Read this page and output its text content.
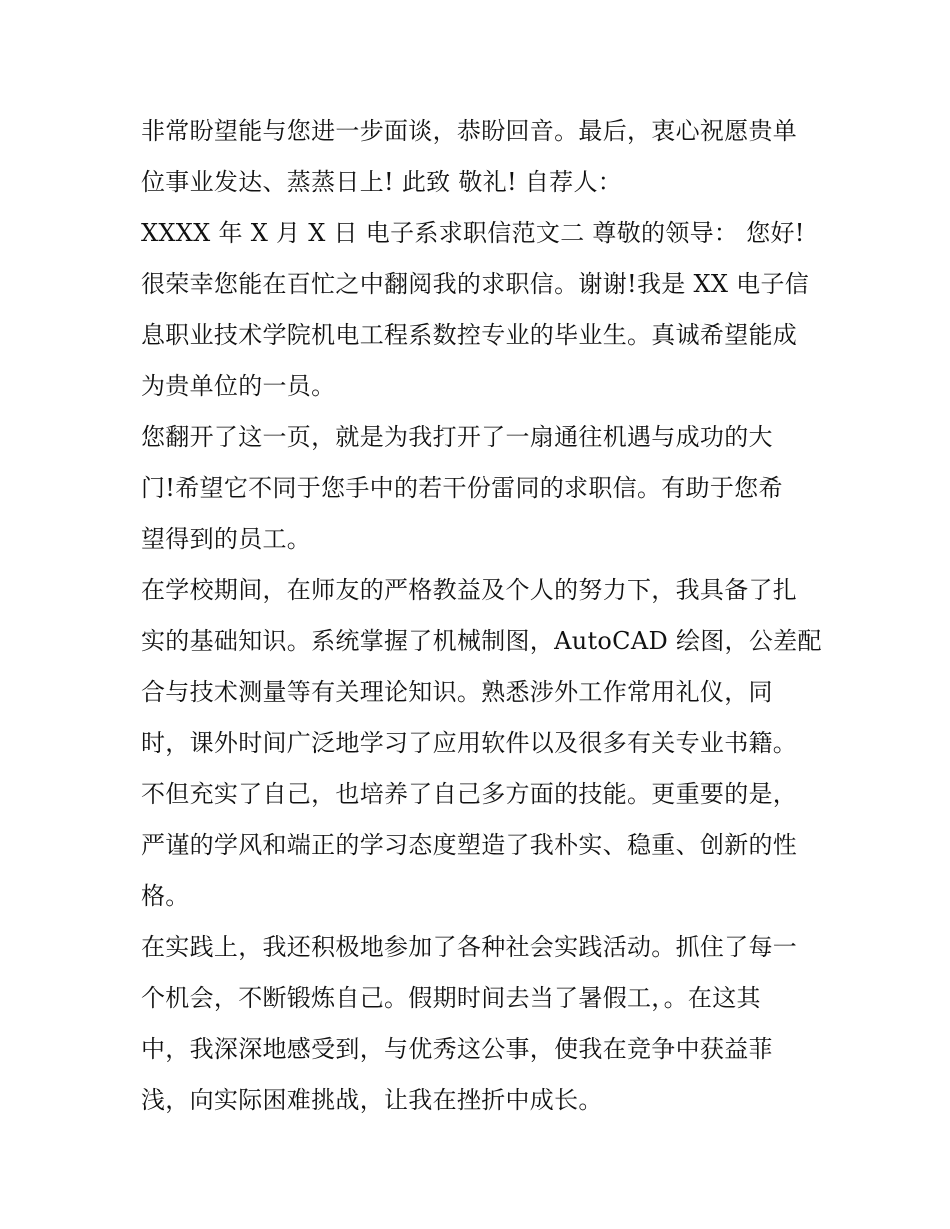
非常盼望能与您进一步面谈，恭盼回音。最后，衷心祝愿贵单
位事业发达、蒸蒸日上! 此致 敬礼! 自荐人：
XXXX 年 X 月 X 日 电子系求职信范文二 尊敬的领导： 您好!
很荣幸您能在百忙之中翻阅我的求职信。谢谢!我是 XX 电子信
息职业技术学院机电工程系数控专业的毕业生。真诚希望能成
为贵单位的一员。
您翻开了这一页，就是为我打开了一扇通往机遇与成功的大
门!希望它不同于您手中的若干份雷同的求职信。有助于您希
望得到的员工。
在学校期间，在师友的严格教益及个人的努力下，我具备了扎
实的基础知识。系统掌握了机械制图，AutoCAD 绘图，公差配
合与技术测量等有关理论知识。熟悉涉外工作常用礼仪，同
时，课外时间广泛地学习了应用软件以及很多有关专业书籍。
不但充实了自己，也培养了自己多方面的技能。更重要的是，
严谨的学风和端正的学习态度塑造了我朴实、稳重、创新的性
格。
在实践上，我还积极地参加了各种社会实践活动。抓住了每一
个机会，不断锻炼自己。假期时间去当了暑假工，。在这其
中，我深深地感受到，与优秀这公事，使我在竞争中获益菲
浅，向实际困难挑战，让我在挫折中成长。
